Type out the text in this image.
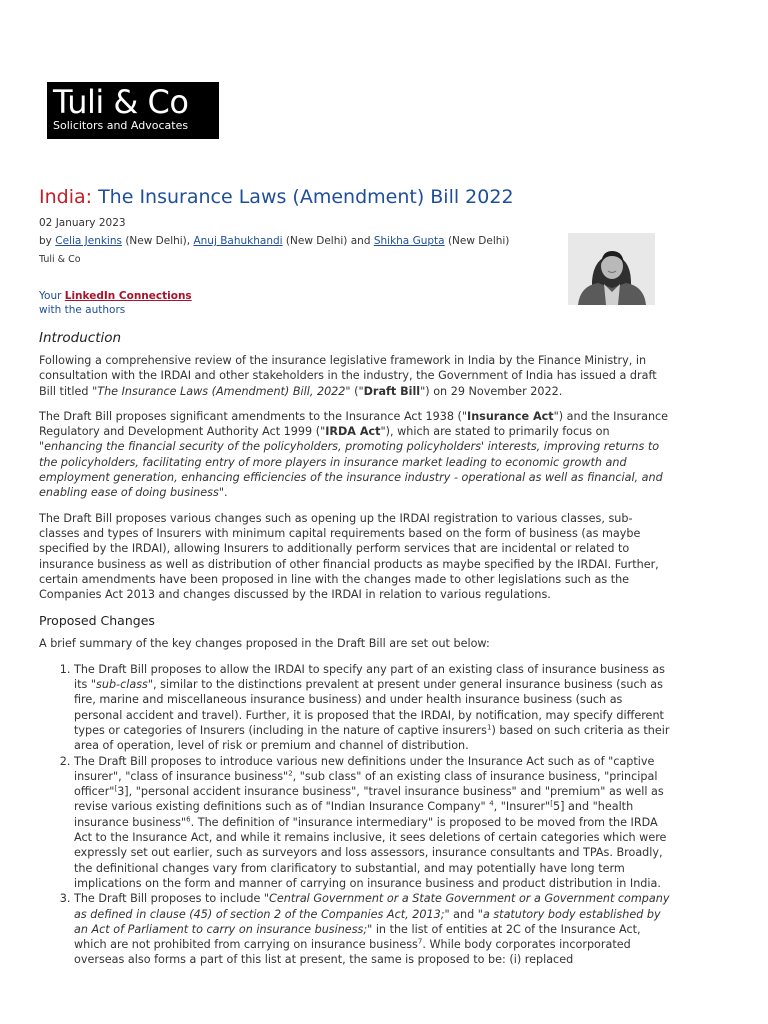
Tuli & Co
Solicitors and Advocates
India: The Insurance Laws (Amendment) Bill 2022
02 January 2023
by Celia Jenkins (New Delhi), Anuj Bahukhandi (New Delhi) and Shikha Gupta (New Delhi)
Tuli & Co
Your LinkedIn Connections
with the authors
Introduction

Following a comprehensive review of the insurance legislative framework in India by the Finance Ministry, in consultation with the IRDAI and other stakeholders in the industry, the Government of India has issued a draft Bill titled "The Insurance Laws (Amendment) Bill, 2022" ("Draft Bill") on 29 November 2022.

The Draft Bill proposes significant amendments to the Insurance Act 1938 ("Insurance Act") and the Insurance Regulatory and Development Authority Act 1999 ("IRDA Act"), which are stated to primarily focus on "enhancing the financial security of the policyholders, promoting policyholders' interests, improving returns to the policyholders, facilitating entry of more players in insurance market leading to economic growth and employment generation, enhancing efficiencies of the insurance industry - operational as well as financial, and enabling ease of doing business".

The Draft Bill proposes various changes such as opening up the IRDAI registration to various classes, sub-classes and types of Insurers with minimum capital requirements based on the form of business (as maybe specified by the IRDAI), allowing Insurers to additionally perform services that are incidental or related to insurance business as well as distribution of other financial products as maybe specified by the IRDAI. Further, certain amendments have been proposed in line with the changes made to other legislations such as the Companies Act 2013 and changes discussed by the IRDAI in relation to various regulations.

Proposed Changes

A brief summary of the key changes proposed in the Draft Bill are set out below:

1. The Draft Bill proposes to allow the IRDAI to specify any part of an existing class of insurance business as its "sub-class", similar to the distinctions prevalent at present under general insurance business (such as fire, marine and miscellaneous insurance business) and under health insurance business (such as personal accident and travel). Further, it is proposed that the IRDAI, by notification, may specify different types or categories of Insurers (including in the nature of captive insurers$^1$) based on such criteria as their area of operation, level of risk or premium and channel of distribution.
2. The Draft Bill proposes to introduce various new definitions under the Insurance Act such as of "captive insurer", "class of insurance business"$^2$, "sub class" of an existing class of insurance business, "principal officer"[3], "personal accident insurance business", "travel insurance business" and "premium" as well as revise various existing definitions such as of "Indian Insurance Company" $^4$, "Insurer"[5] and "health insurance business"$^6$. The definition of "insurance intermediary" is proposed to be moved from the IRDA Act to the Insurance Act, and while it remains inclusive, it sees deletions of certain categories which were expressly set out earlier, such as surveyors and loss assessors, insurance consultants and TPAs. Broadly, the definitional changes vary from clarificatory to substantial, and may potentially have long term implications on the form and manner of carrying on insurance business and product distribution in India.
3. The Draft Bill proposes to include "Central Government or a State Government or a Government company as defined in clause (45) of section 2 of the Companies Act, 2013;" and "a statutory body established by an Act of Parliament to carry on insurance business;" in the list of entities at 2C of the Insurance Act, which are not prohibited from carrying on insurance business$^7$. While body corporates incorporated overseas also forms a part of this list at present, the same is proposed to be: (i) replaced
